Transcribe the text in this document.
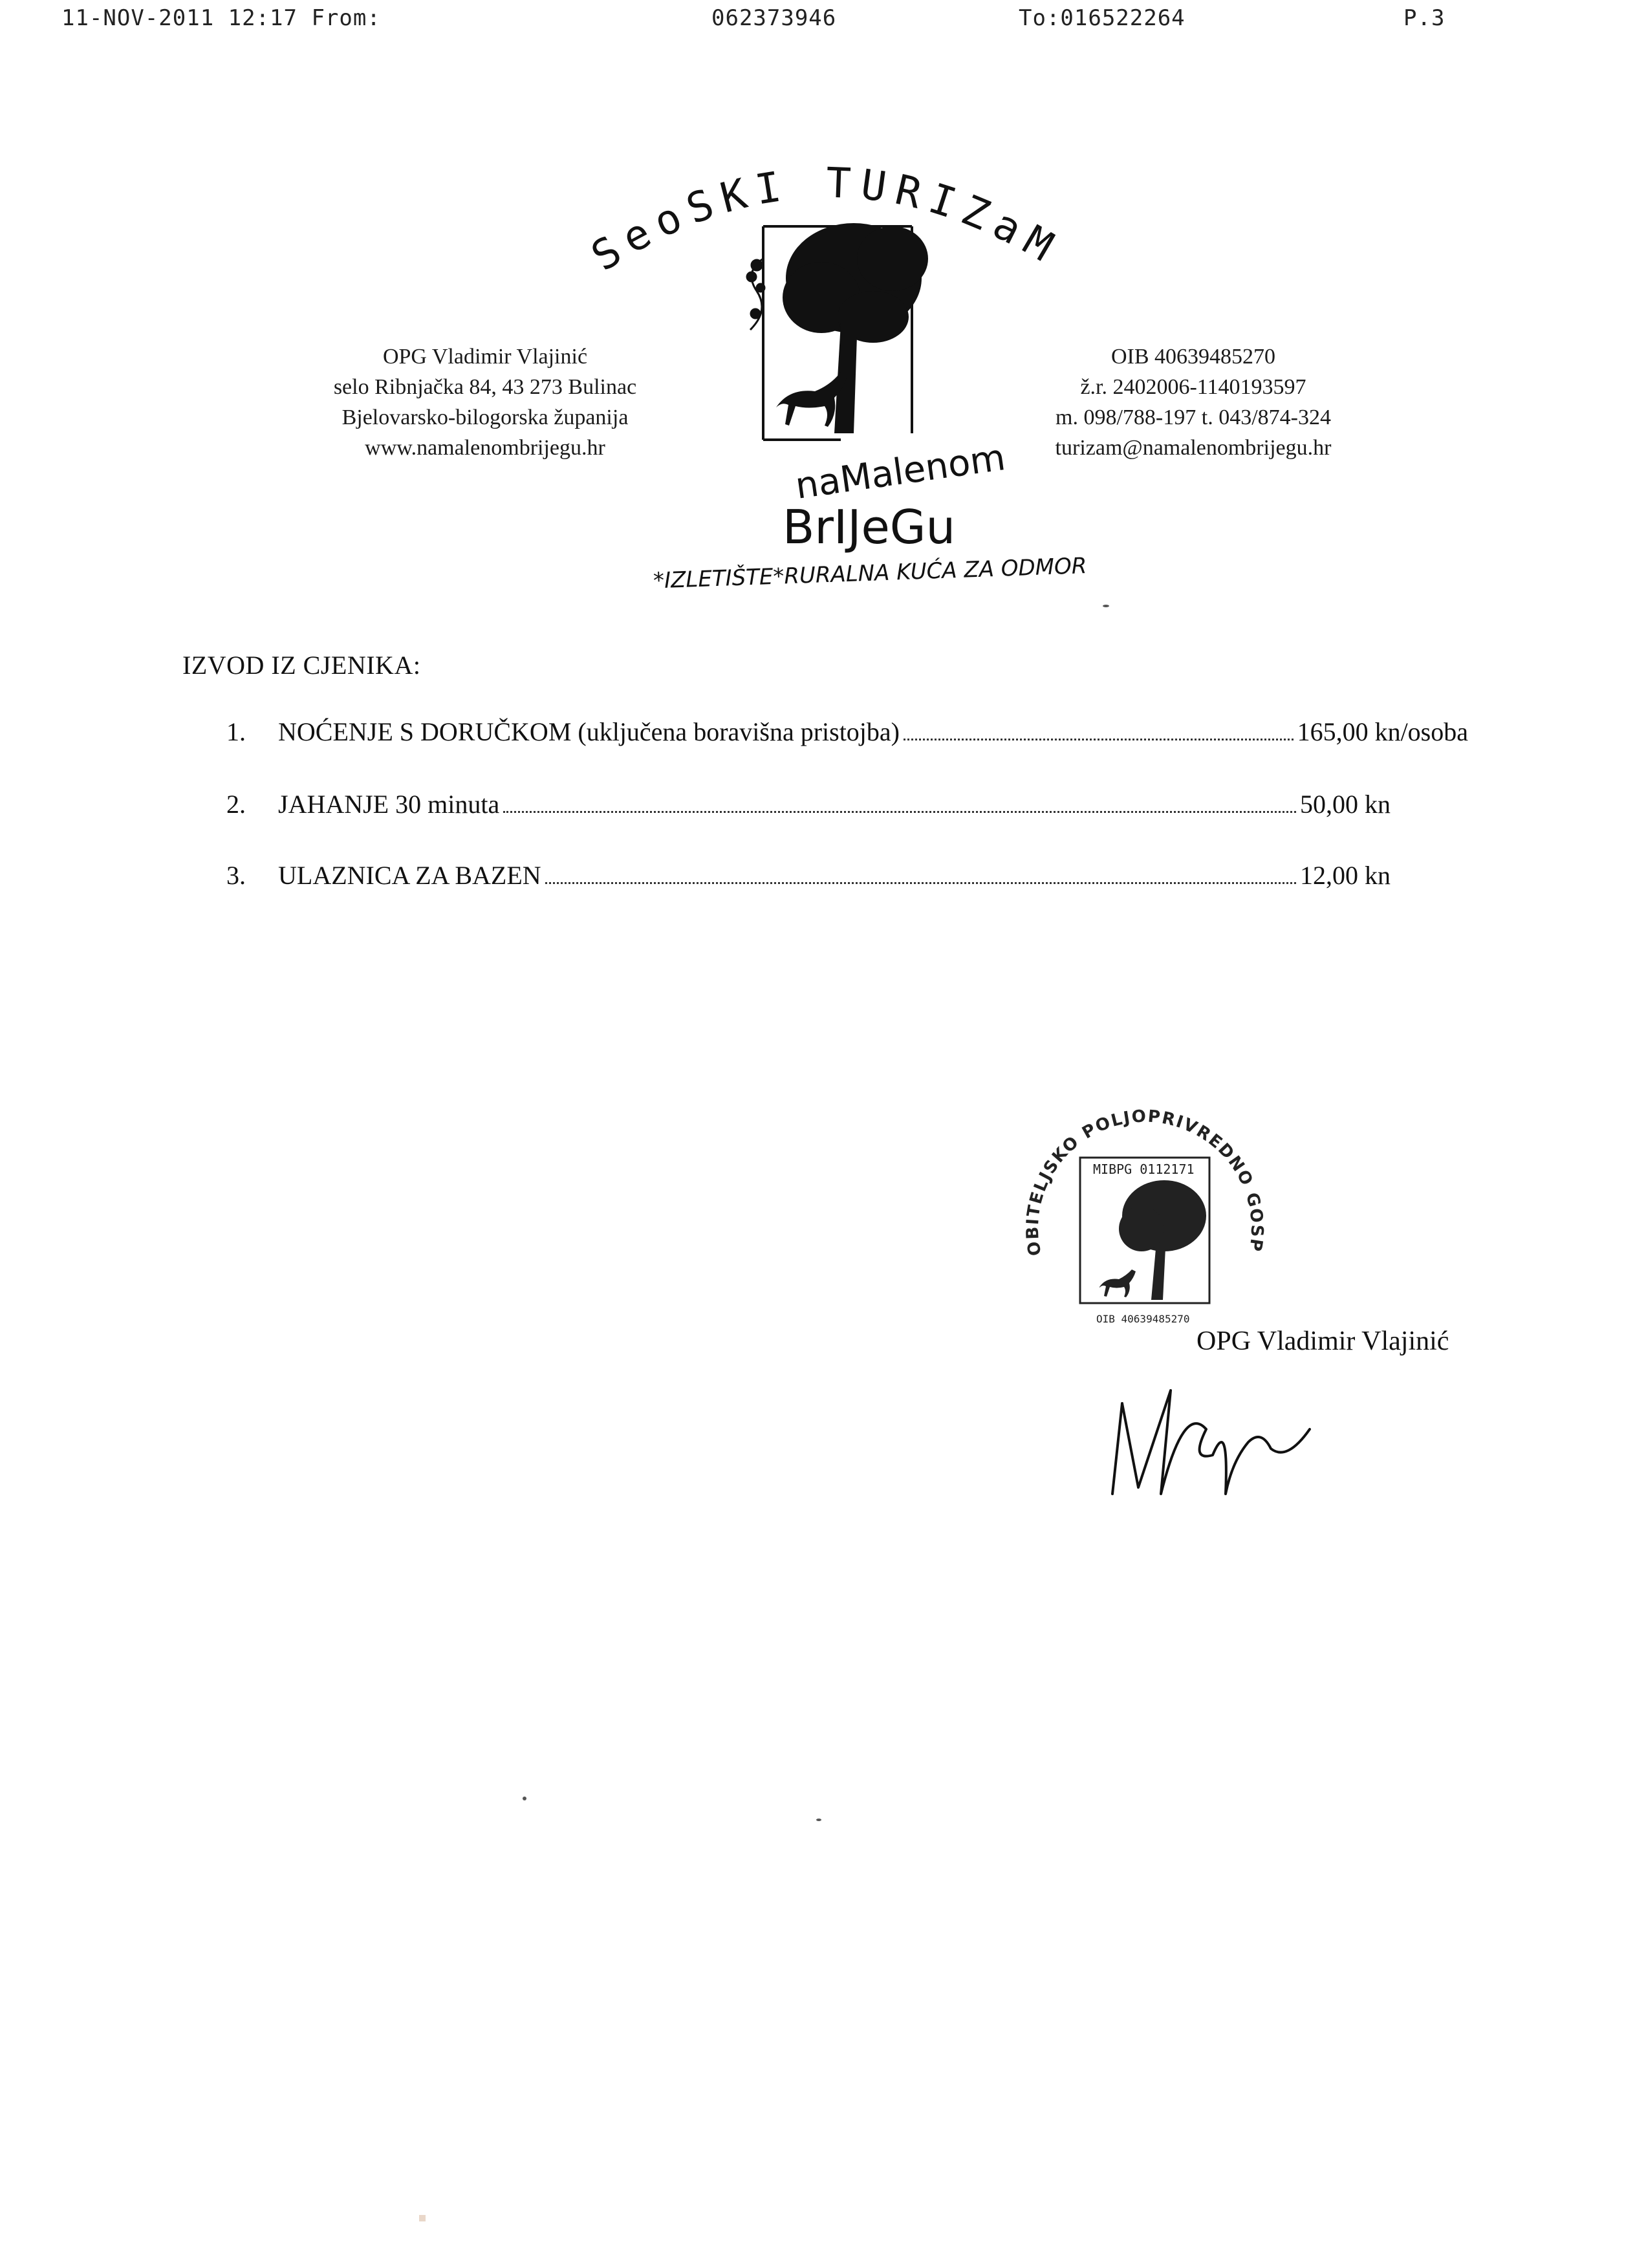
11-NOV-2011 12:17 From:	062373946	To:016522264	P.3
SeoSKI TURIZaM
naMalenom
BrIJeGu
*IZLETIŠTE*RURALNA KUĆA ZA ODMOR*
OPG Vladimir Vlajinić
selo Ribnjačka 84, 43 273 Bulinac
Bjelovarsko-bilogorska županija
www.namalenombrijegu.hr
OIB 40639485270
ž.r. 2402006-1140193597
m. 098/788-197 t. 043/874-324
turizam@namalenombrijegu.hr
IZVOD IZ CJENIKA:
1.	NOĆENJE S DORUČKOM (uključena boravišna pristojba)	165,00 kn/osoba
2.	JAHANJE 30 minuta	50,00 kn
3.	ULAZNICA ZA BAZEN	12,00 kn
OBITELJSKO POLJOPRIVREDNO GOSP
MIBPG 0112171
OIB 40639485270
OPG Vladimir Vlajinić
